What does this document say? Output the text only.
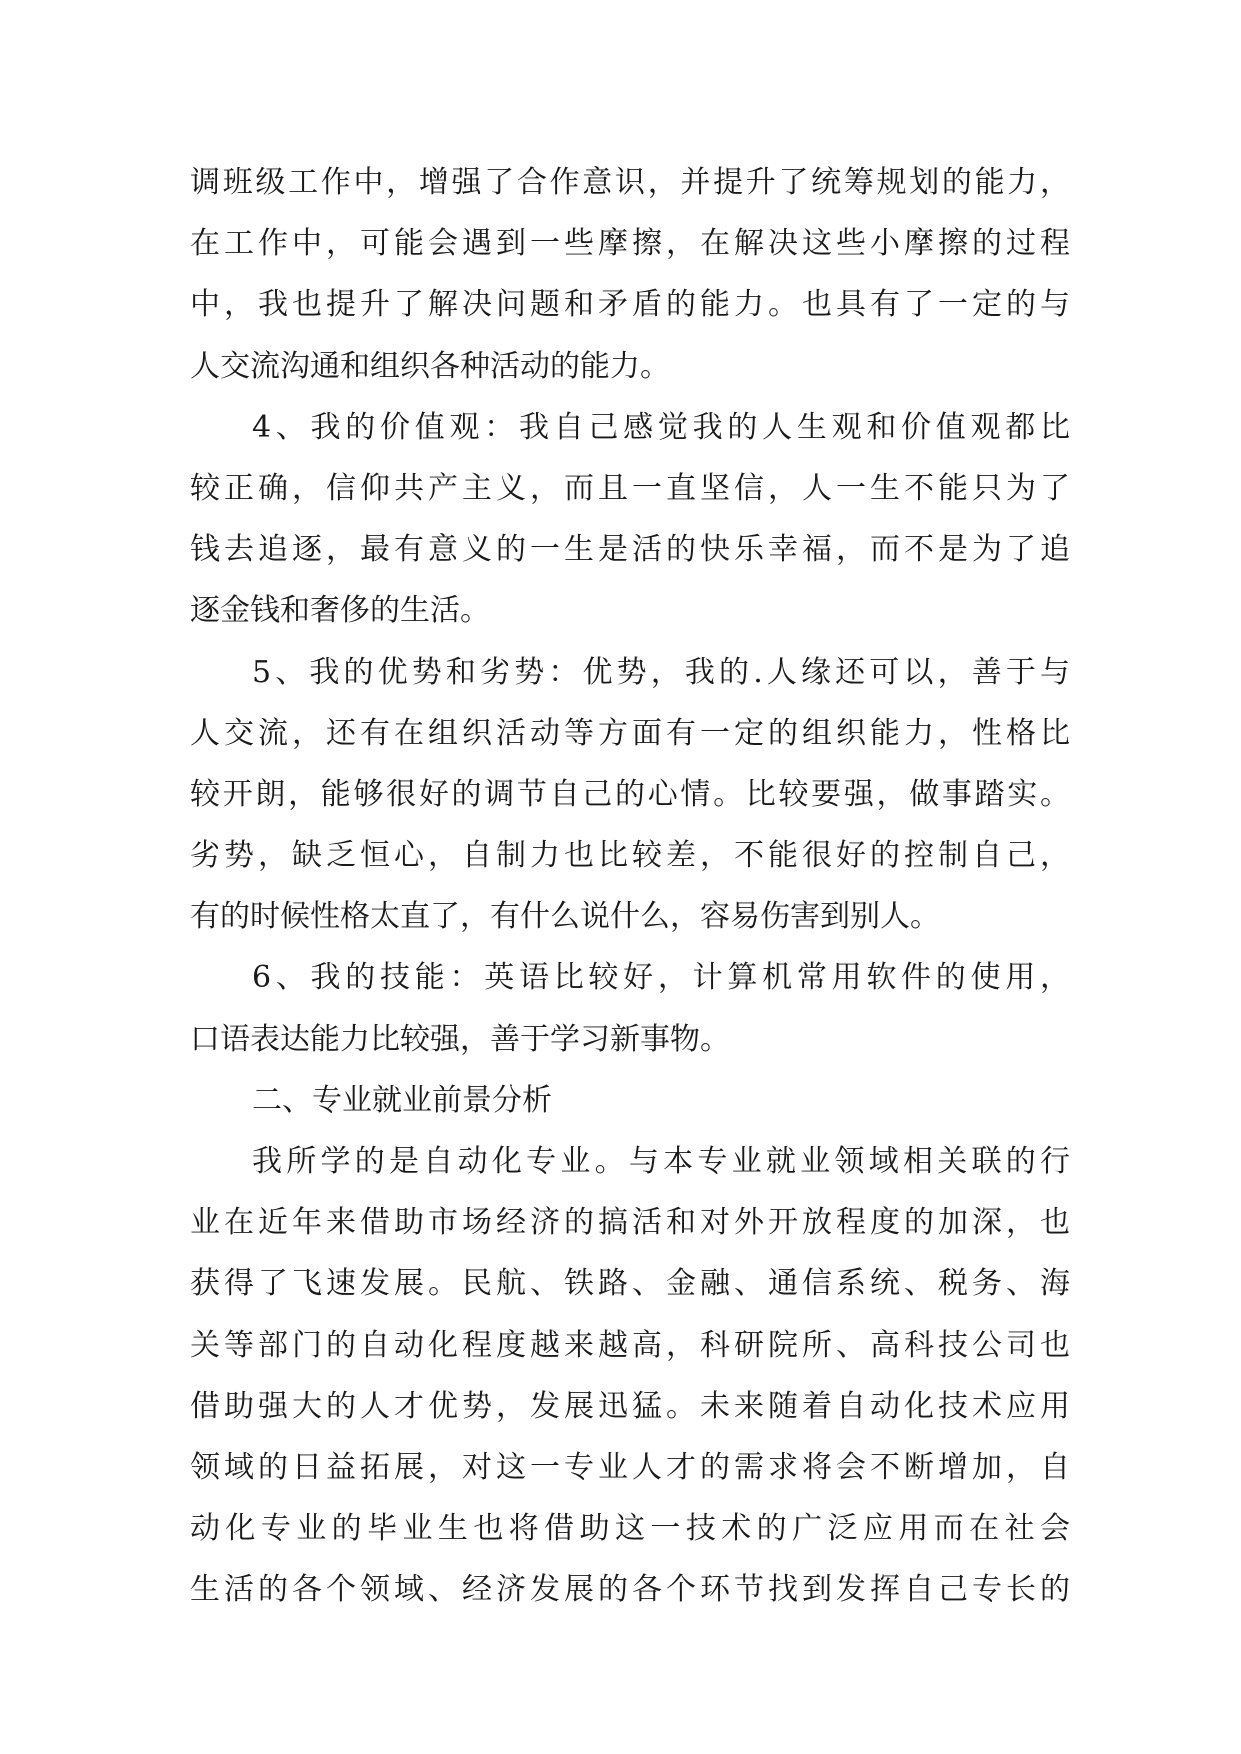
调班级工作中，增强了合作意识，并提升了统筹规划的能力，
在工作中，可能会遇到一些摩擦，在解决这些小摩擦的过程
中，我也提升了解决问题和矛盾的能力。也具有了一定的与
人交流沟通和组织各种活动的能力。
4、我的价值观：我自己感觉我的人生观和价值观都比
较正确，信仰共产主义，而且一直坚信，人一生不能只为了
钱去追逐，最有意义的一生是活的快乐幸福，而不是为了追
逐金钱和奢侈的生活。
5、我的优势和劣势：优势，我的.人缘还可以，善于与
人交流，还有在组织活动等方面有一定的组织能力，性格比
较开朗，能够很好的调节自己的心情。比较要强，做事踏实。
劣势，缺乏恒心，自制力也比较差，不能很好的控制自己，
有的时候性格太直了，有什么说什么，容易伤害到别人。
6、我的技能：英语比较好，计算机常用软件的使用，
口语表达能力比较强，善于学习新事物。
二、专业就业前景分析
我所学的是自动化专业。与本专业就业领域相关联的行
业在近年来借助市场经济的搞活和对外开放程度的加深，也
获得了飞速发展。民航、铁路、金融、通信系统、税务、海
关等部门的自动化程度越来越高，科研院所、高科技公司也
借助强大的人才优势，发展迅猛。未来随着自动化技术应用
领域的日益拓展，对这一专业人才的需求将会不断增加，自
动化专业的毕业生也将借助这一技术的广泛应用而在社会
生活的各个领域、经济发展的各个环节找到发挥自己专长的
